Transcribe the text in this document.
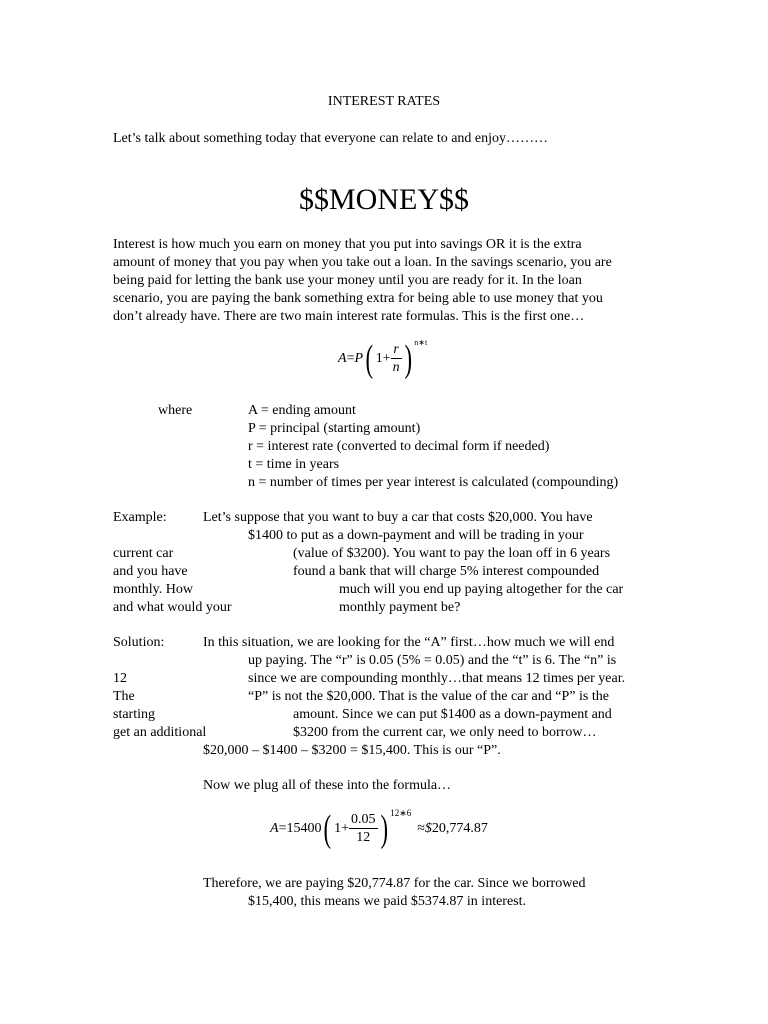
INTEREST RATES
Let’s talk about something today that everyone can relate to and enjoy………
$$MONEY$$

Interest is how much you earn on money that you put into savings OR it is the extra

amount of money that you pay when you take out a loan. In the savings scenario, you are

being paid for letting the bank use your money until you are ready for it. In the loan

scenario, you are paying the bank something extra for being able to use money that you

don’t already have. There are two main interest rate formulas. This is the first one…

A=P( $1+ \frac{r}{n}$ ) n∗t
where	A = ending amount
P = principal (starting amount)
r = interest rate (converted to decimal form if needed)
t = time in years
n = number of times per year interest is calculated (compounding)
Example:	Let’s suppose that you want to buy a car that costs $20,000. You have
$1400 to put as a down-payment and will be trading in your
current car	(value of $3200). You want to pay the loan off in 6 years
and you have	found a bank that will charge 5% interest compounded
monthly. How	much will you end up paying altogether for the car
and what would your	monthly payment be?
Solution:	In this situation, we are looking for the “A” first…how much we will end
up paying. The “r” is 0.05 (5% = 0.05) and the “t” is 6. The “n” is
12	since we are compounding monthly…that means 12 times per year.
The	“P” is not the $20,000. That is the value of the car and “P” is the
starting	amount. Since we can put $1400 as a down-payment and
get an additional	$3200 from the current car, we only need to borrow…
$20,000 – $1400 – $3200 = $15,400. This is our “P”.
Now we plug all of these into the formula…
A=15400( $1+ \frac{0.05}{12}$ ) 12∗6≈$20,774.87
Therefore, we are paying $20,774.87 for the car. Since we borrowed
$15,400, this means we paid $5374.87 in interest.
